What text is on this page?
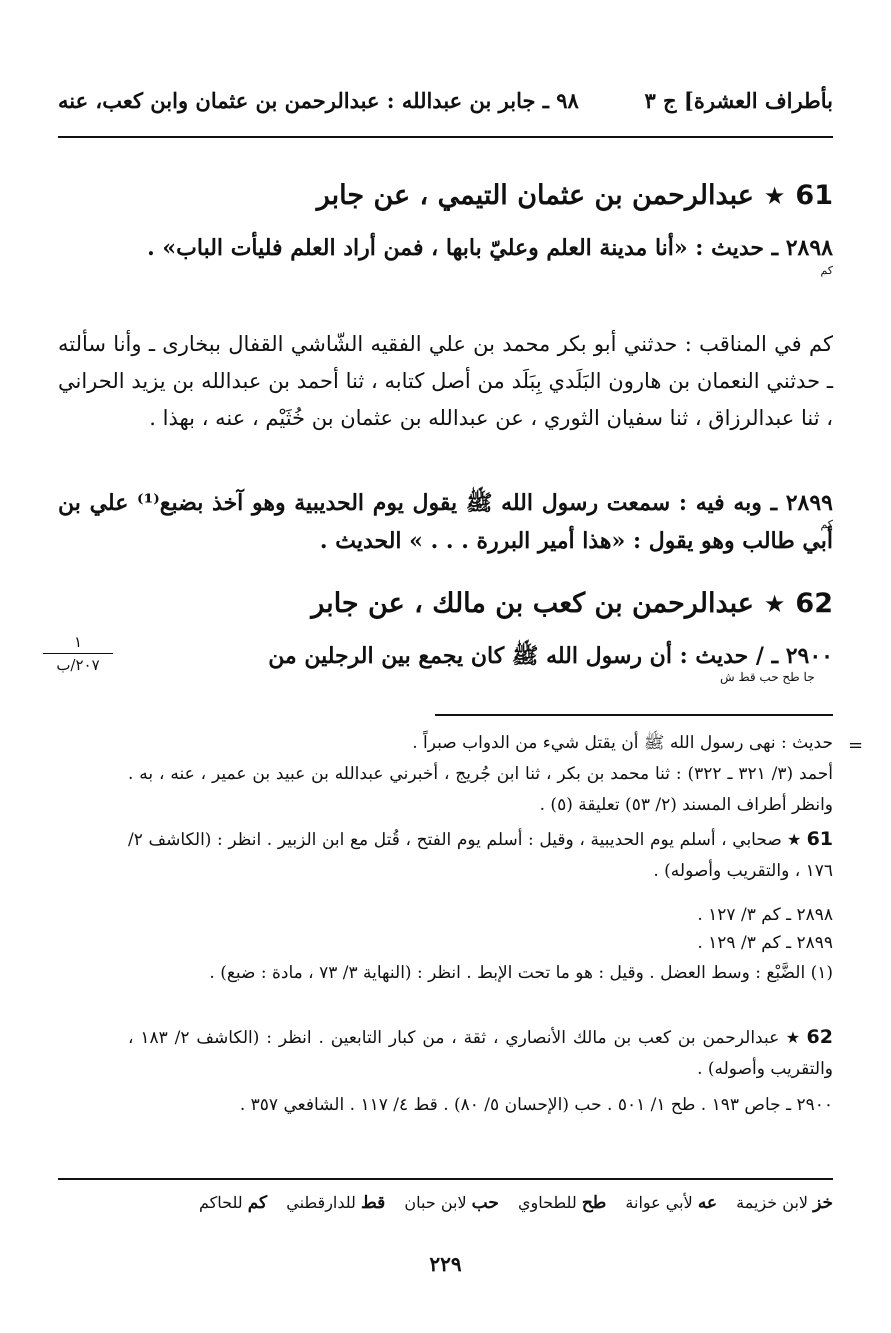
بأطراف العشرة] ج ٣
٩٨ ـ جابر بن عبدالله : عبدالرحمن بن عثمان وابن كعب، عنه
61★عبدالرحمن بن عثمان التيمي ، عن جابر
٢٨٩٨ ـ حديث : «أنا مدينة العلم وعليّ بابها ، فمن أراد العلم فليأت الباب» .
كم
كم في المناقب : حدثني أبو بكر محمد بن علي الفقيه الشّاشي القفال ببخارى ـ وأنا سألته ـ حدثني النعمان بن هارون البَلَدي بِبَلَد من أصل كتابه ، ثنا أحمد بن عبدالله بن يزيد الحراني ، ثنا عبدالرزاق ، ثنا سفيان الثوري ، عن عبدالله بن عثمان بن خُثَيْم ، عنه ، بهذا .
٢٨٩٩ ـ وبه فيه : سمعت رسول الله ﷺ يقول يوم الحديبية وهو آخذ بضبع⁽¹⁾ علي بن أبي طالب وهو يقول : «هذا أمير البررة . . . » الحديث .
كم
62★عبدالرحمن بن كعب بن مالك ، عن جابر
٢٩٠٠ ـ / حديث : أن رسول الله ﷺ كان يجمع بين الرجلين من
جا طح حب قط ش
١
٢٠٧/ب
=
حديث : نهى رسول الله ﷺ أن يقتل شيء من الدواب صبراً .
أحمد (٣/ ٣٢١ ـ ٣٢٢) : ثنا محمد بن بكر ، ثنا ابن جُريج ، أخبرني عبدالله بن عبيد بن عمير ، عنه ، به . وانظر أطراف المسند (٢/ ٥٣) تعليقة (٥) .
61★صحابي ، أسلم يوم الحديبية ، وقيل : أسلم يوم الفتح ، قُتل مع ابن الزبير . انظر : (الكاشف ٢/ ١٧٦ ، والتقريب وأصوله) .
٢٨٩٨ ـ كم ٣/ ١٢٧ .
٢٨٩٩ ـ كم ٣/ ١٢٩ .
(١) الضَّبْع : وسط العضل . وقيل : هو ما تحت الإبط . انظر : (النهاية ٣/ ٧٣ ، مادة : ضبع) .
62★عبدالرحمن بن كعب بن مالك الأنصاري ، ثقة ، من كبار التابعين . انظر : (الكاشف ٢/ ١٨٣ ، والتقريب وأصوله) .
٢٩٠٠ ـ جاص ١٩٣ . طح ١/ ٥٠١ . حب (الإحسان ٥/ ٨٠) . قط ٤/ ١١٧ . الشافعي ٣٥٧ .
خز لابن خزيمة عه لأبي عوانة طح للطحاوي حب لابن حبان قط للدارقطني كم للحاكم
٢٢٩
